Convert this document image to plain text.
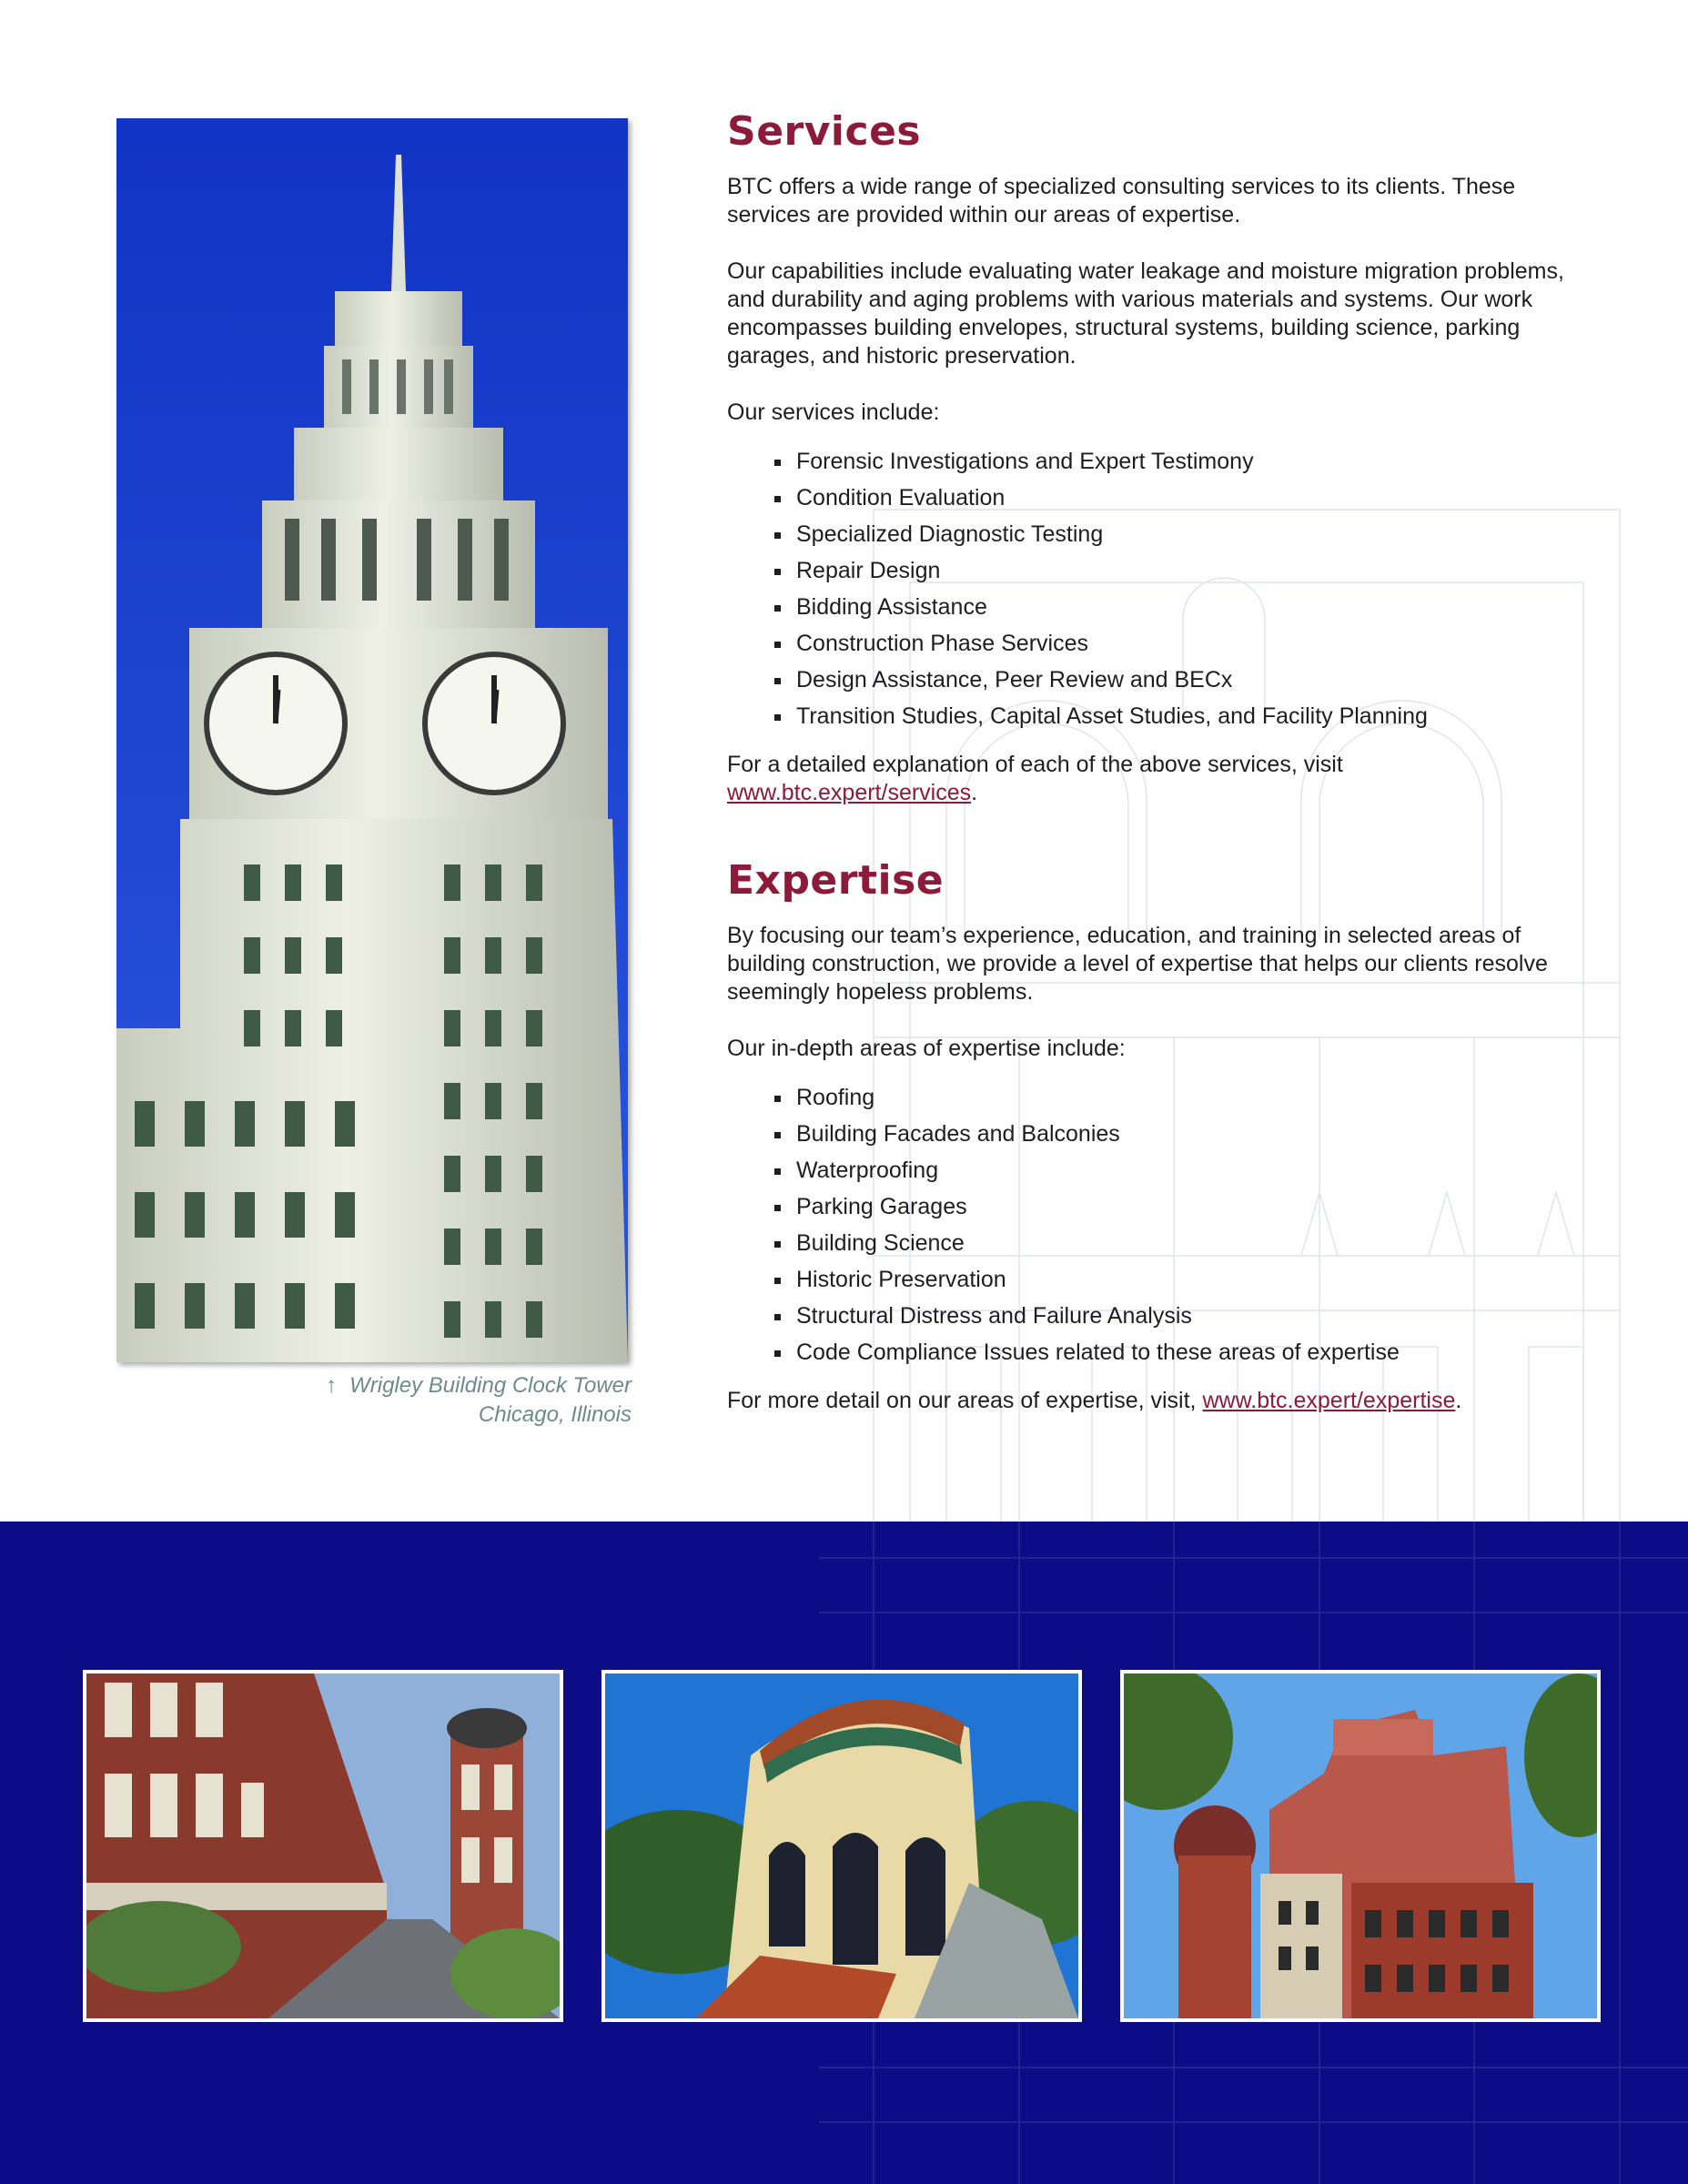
↑ Wrigley Building Clock Tower
Chicago, Illinois
Services

BTC offers a wide range of specialized consulting services to its clients. These services are provided within our areas of expertise.

Our capabilities include evaluating water leakage and moisture migration problems, and durability and aging problems with various materials and systems. Our work encompasses building envelopes, structural systems, building science, parking garages, and historic preservation.

Our services include:

Forensic Investigations and Expert Testimony
Condition Evaluation
Specialized Diagnostic Testing
Repair Design
Bidding Assistance
Construction Phase Services
Design Assistance, Peer Review and BECx
Transition Studies, Capital Asset Studies, and Facility Planning

For a detailed explanation of each of the above services, visit
www.btc.expert/services.

Expertise

By focusing our team’s experience, education, and training in selected areas of building construction, we provide a level of expertise that helps our clients resolve seemingly hopeless problems.

Our in-depth areas of expertise include:

Roofing
Building Facades and Balconies
Waterproofing
Parking Garages
Building Science
Historic Preservation
Structural Distress and Failure Analysis
Code Compliance Issues related to these areas of expertise

For more detail on our areas of expertise, visit, www.btc.expert/expertise.
